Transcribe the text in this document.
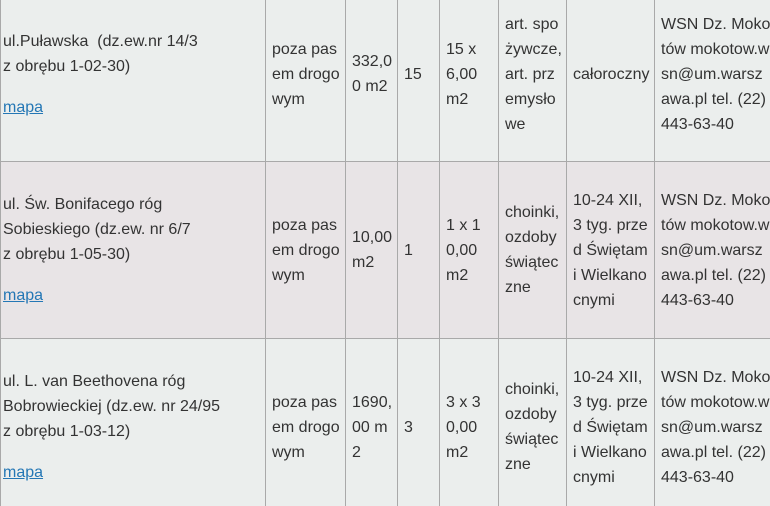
ul.Puławska  (dz.ew.nr 14/3
z obrębu 1-02-30)
mapa	poza pasem drogowym	332,00 m2	15	15 x 6,00 m2	art. spożywcze, art. przemysłowe	całoroczny	WSN Dz. Mokotów mokotow.wsn@um.warszawa.pl tel. (22) 443-63-40

ul. Św. Bonifacego róg
Sobieskiego (dz.ew. nr 6/7
z obrębu 1-05-30)
mapa	poza pasem drogowym	10,00 m2	1	1 x 10,00 m2	choinki, ozdoby świąteczne	10-24 XII, 3 tyg. przed Świętami Wielkanocnymi	WSN Dz. Mokotów mokotow.wsn@um.warszawa.pl tel. (22) 443-63-40

ul. L. van Beethovena róg
Bobrowieckiej (dz.ew. nr 24/95
z obrębu 1-03-12)
mapa	poza pasem drogowym	1690,00 m 2	3	3 x 30,00 m2	choinki, ozdoby świąteczne	10-24 XII, 3 tyg. przed Świętami Wielkanocnymi	WSN Dz. Mokotów mokotow.wsn@um.warszawa.pl tel. (22) 443-63-40
